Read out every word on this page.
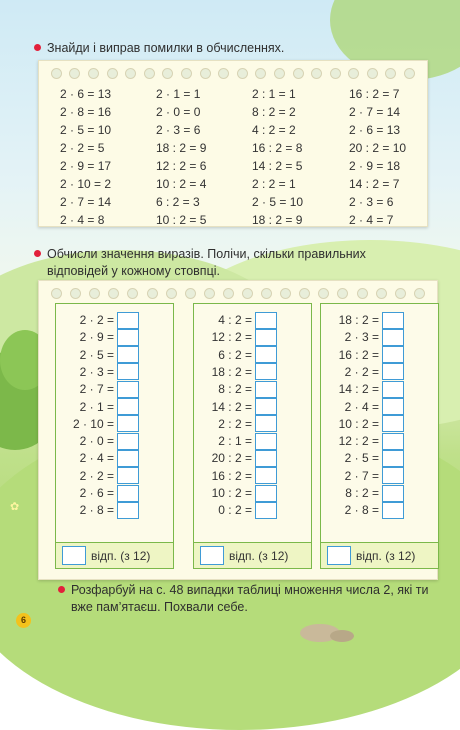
✿
Знайди і виправ помилки в обчисленнях.
2 · 6 = 13	2 · 1 = 1	2 : 1 = 1	16 : 2 = 7
2 · 8 = 16	2 · 0 = 0	8 : 2 = 2	2 · 7 = 14
2 · 5 = 10	2 · 3 = 6	4 : 2 = 2	2 · 6 = 13
2 · 2 = 5	18 : 2 = 9	16 : 2 = 8	20 : 2 = 10
2 · 9 = 17	12 : 2 = 6	14 : 2 = 5	2 · 9 = 18
2 · 10 = 2	10 : 2 = 4	2 : 2 = 1	14 : 2 = 7
2 · 7 = 14	6 : 2 = 3	2 · 5 = 10	2 · 3 = 6
2 · 4 = 8	10 : 2 = 5	18 : 2 = 9	2 · 4 = 7
Обчисли значення виразів. Полічи, скільки правильних
відповідей у кожному стовпці.
2 · 2 =
2 · 9 =
2 · 5 =
2 · 3 =
2 · 7 =
2 · 1 =
2 · 10 =
2 · 0 =
2 · 4 =
2 · 2 =
2 · 6 =
2 · 8 =
відп. (з 12)
4 : 2 =
12 : 2 =
6 : 2 =
18 : 2 =
8 : 2 =
14 : 2 =
2 : 2 =
2 : 1 =
20 : 2 =
16 : 2 =
10 : 2 =
0 : 2 =
відп. (з 12)
18 : 2 =
2 · 3 =
16 : 2 =
2 · 2 =
14 : 2 =
2 · 4 =
10 : 2 =
12 : 2 =
2 · 5 =
2 · 7 =
8 : 2 =
2 · 8 =
відп. (з 12)
Розфарбуй на с. 48 випадки таблиці множення числа 2, які ти
вже пам’ятаєш. Похвали себе.
6
